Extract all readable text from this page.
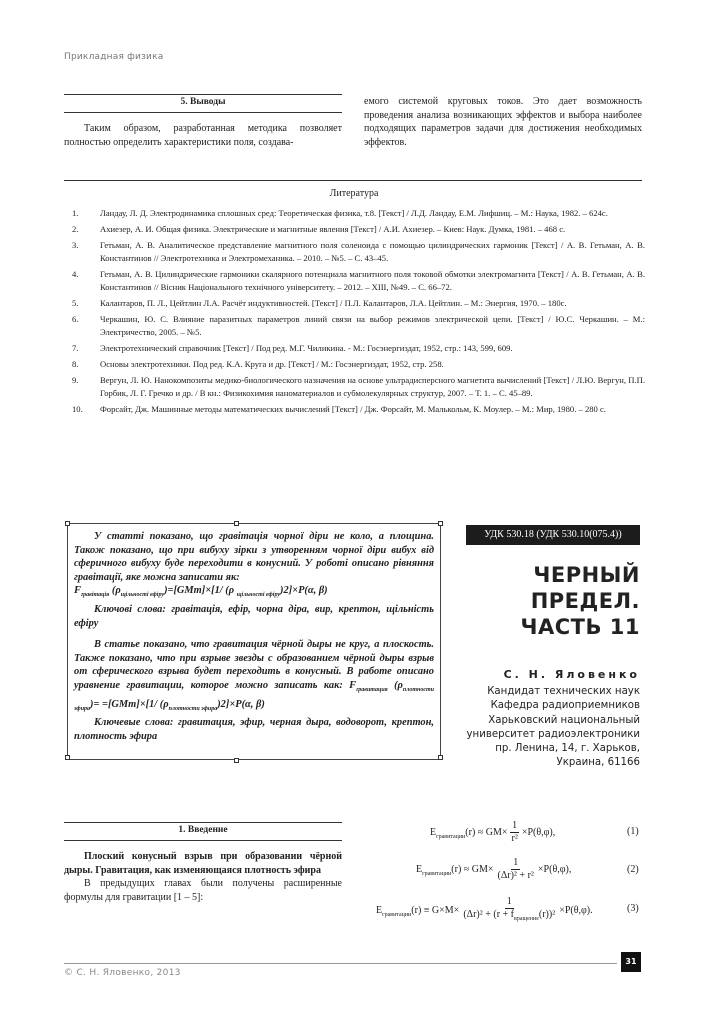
Прикладная физика
5. Выводы

Таким образом, разработанная методика позволяет полностью определить характеристики поля, создава-

емого системой круговых токов. Это дает возможность проведения анализа возникающих эффектов и выбора наиболее подходящих параметров задачи для достижения необходимых эффектов.

Литература
1.	Ландау, Л. Д. Электродинамика сплошных сред: Теоретическая физика, т.8. [Текст] / Л.Д. Ландау, Е.М. Лифшиц. – М.: Наука, 1982. – 624с.
2.	Ахиезер, А. И. Общая физика. Электрические и магнитные явления [Текст] / А.И. Ахиезер. – Киев: Наук. Думка, 1981. – 468 с.
3.	Гетьман, А. В. Аналитическое представление магнитного поля соленоида с помощью цилиндрических гармоник [Текст] / А. В. Гетьман, А. В. Константинов // Электротехника и Электромеханика. – 2010. – №5. – С. 43–45.
4.	Гетьман, А. В. Цилиндрические гармоники скалярного потенциала магнитного поля токовой обмотки электромагнита [Текст] / А. В. Гетьман, А. В. Константинов // Вісник Національного технічного університету. – 2012. – ХІІІ, №49. – С. 66–72.
5.	Калантаров, П. Л., Цейтлин Л.А. Расчёт индуктивностей. [Текст] / П.Л. Калантаров, Л.А. Цейтлин. – М.: Энергия, 1970. – 180с.
6.	Черкашин, Ю. С. Влияние паразитных параметров линий связи на выбор режимов электрической цепи. [Текст] / Ю.С. Черкашин. – М.: Электричество, 2005. – №5.
7.	Электротехнический справочник [Текст] / Под ред. М.Г. Чиликина. - М.: Госэнергиздат, 1952, стр.: 143, 599, 609.
8.	Основы электротехники. Под ред. К.А. Круга и др. [Текст] / М.: Госэнергиздат, 1952, стр. 258.
9.	Вергун, Л. Ю. Нанокомпозиты медико-биологического назначения на основе ультрадисперсного магнетита вычислений [Текст] / Л.Ю. Вергун, П.П. Горбик, Л. Г. Гречко и др. / В кн.: Физикохимия наноматериалов и субмолекулярных структур, 2007. – Т. 1. – С. 45–89.
10.	Форсайт, Дж. Машинные методы математических вычислений [Текст] / Дж. Форсайт, М. Малькольм, К. Моулер. – М.: Мир, 1980. – 280 с.

У статті показано, що гравітація чорної діри не коло, а площина. Також показано, що при вибуху зірки з утворенням чорної діри вибух від сферичного вибуху буде переходити в конусний. У роботі описано рівняння гравітації, яке можна записати як:

$F_{гравітація}$ $(\rho_{щільності ефіру})=[GMm]\times[1/$ (ρ $_{щільності ефіру}$)2]×P(α, β)

Ключові слова: гравітація, ефір, чорна діра, вир, крептон, щільність ефіру

В статье показано, что гравитация чёрной дыры не круг, а плоскость. Также показано, что при взрыве звезды с образованием чёрной дыры взрыв от сферического взрыва будет переходить в конусный. В работе описано уравнение гравитации, которое можно записать как: $F_{гравитация}$ $(\rho_{плотности эфира})= =[GMm]\times[1/$ $(\rho_{плотности эфира})2]\times P(\alpha$, β)

Ключевые слова: гравитация, эфир, черная дыра, водоворот, крептон, плотность эфира

УДК 530.18 (УДК 530.10(075.4))
ЧЕРНЫЙ
ПРЕДЕЛ.
ЧАСТЬ 11
С. Н. Яловенко
Кандидат технических наук
Кафедра радиоприемников
Харьковский национальный
университет радиоэлектроники
пр. Ленина, 14, г. Харьков,
Украина, 61166
1. Введение

Плоский конусный взрыв при образовании чёрной дыры. Гравитация, как изменяющаяся плотность эфира

В предыдущих главах были получены расширенные формулы для гравитации [1 – 5]:

$E_{гравитации}(r) \approx GM\times \frac{1}{\text{r²}} \times P(\theta,\varphi)$,	(1)
$E_{гравитации}(r) \approx GM\times \frac{1}{\text{(Δr)² + r²}} \times P(\theta,\varphi)$,	(2)
$E_{гравитации}(r) \equiv G\times M\times \frac{1}{(\Delta r)^2 + (r + f_{вращение}(r))^2} \times P(\theta,\varphi)$.	(3)
© С. Н. Яловенко, 2013
31
